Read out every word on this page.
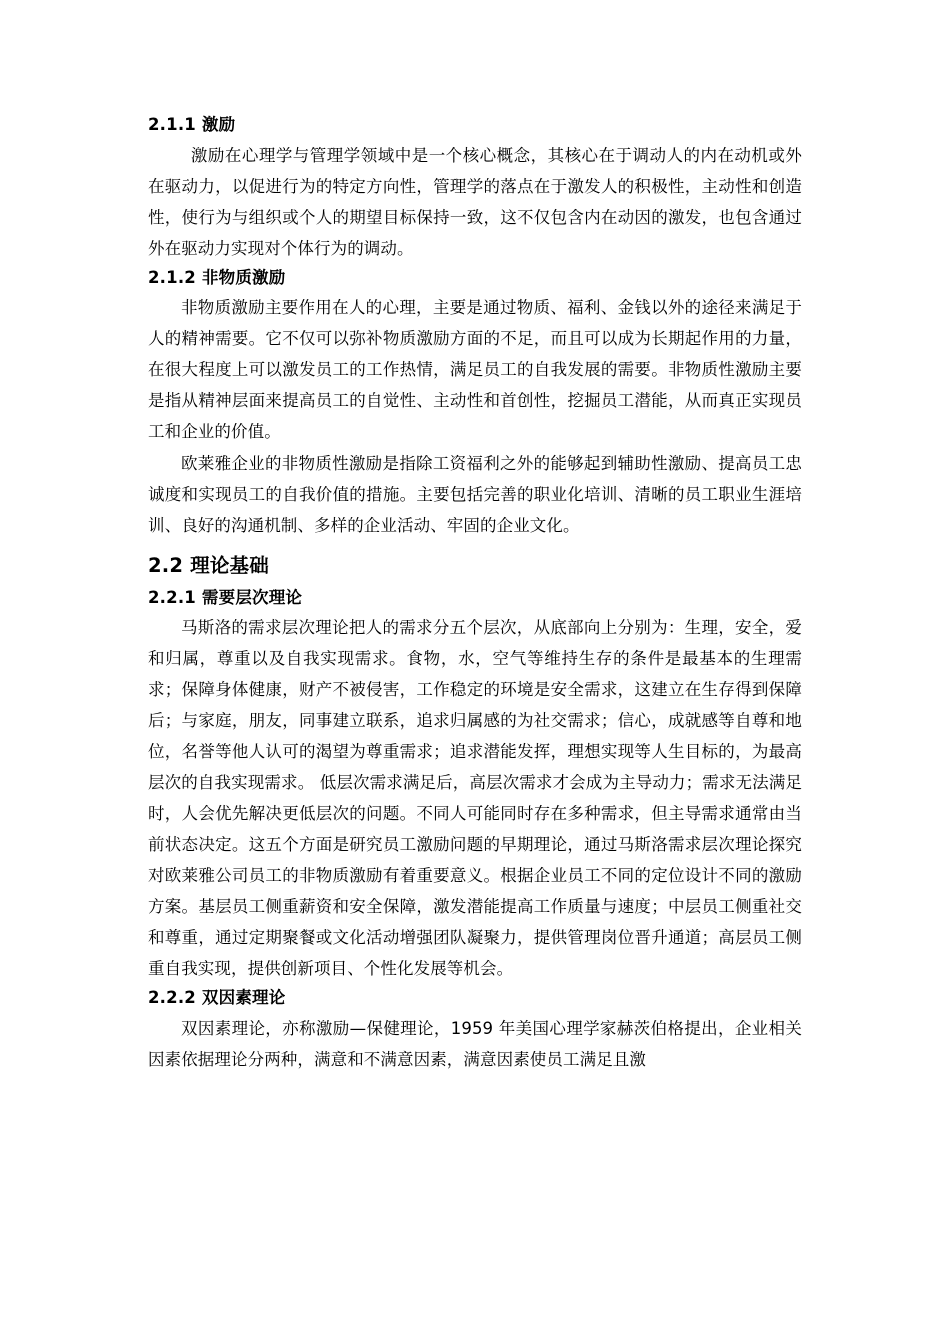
2.1.1 激励

激励在心理学与管理学领域中是一个核心概念，其核心在于调动人的内在动机或外在驱动力，以促进行为的特定方向性，管理学的落点在于激发人的积极性，主动性和创造性，使行为与组织或个人的期望目标保持一致，这不仅包含内在动因的激发，也包含通过外在驱动力实现对个体行为的调动。

2.1.2 非物质激励

非物质激励主要作用在人的心理，主要是通过物质、福利、金钱以外的途径来满足于人的精神需要。它不仅可以弥补物质激励方面的不足，而且可以成为长期起作用的力量，在很大程度上可以激发员工的工作热情，满足员工的自我发展的需要。非物质性激励主要是指从精神层面来提高员工的自觉性、主动性和首创性，挖掘员工潜能，从而真正实现员工和企业的价值。

欧莱雅企业的非物质性激励是指除工资福利之外的能够起到辅助性激励、提高员工忠诚度和实现员工的自我价值的措施。主要包括完善的职业化培训、清晰的员工职业生涯培训、良好的沟通机制、多样的企业活动、牢固的企业文化。

2.2 理论基础
2.2.1 需要层次理论

马斯洛的需求层次理论把人的需求分五个层次，从底部向上分别为：生理，安全，爱和归属，尊重以及自我实现需求。食物，水，空气等维持生存的条件是最基本的生理需求；保障身体健康，财产不被侵害，工作稳定的环境是安全需求，这建立在生存得到保障后；与家庭，朋友，同事建立联系，追求归属感的为社交需求；信心，成就感等自尊和地位，名誉等他人认可的渴望为尊重需求；追求潜能发挥，理想实现等人生目标的，为最高层次的自我实现需求。 低层次需求满足后，高层次需求才会成为主导动力；需求无法满足时，人会优先解决更低层次的问题。不同人可能同时存在多种需求，但主导需求通常由当前状态决定。这五个方面是研究员工激励问题的早期理论，通过马斯洛需求层次理论探究对欧莱雅公司员工的非物质激励有着重要意义。根据企业员工不同的定位设计不同的激励方案。基层员工侧重薪资和安全保障，激发潜能提高工作质量与速度；中层员工侧重社交和尊重，通过定期聚餐或文化活动增强团队凝聚力，提供管理岗位晋升通道；高层员工侧重自我实现，提供创新项目、个性化发展等机会。

2.2.2 双因素理论

双因素理论，亦称激励—保健理论，1959 年美国心理学家赫茨伯格提出，企业相关因素依据理论分两种，满意和不满意因素，满意因素使员工满足且激
